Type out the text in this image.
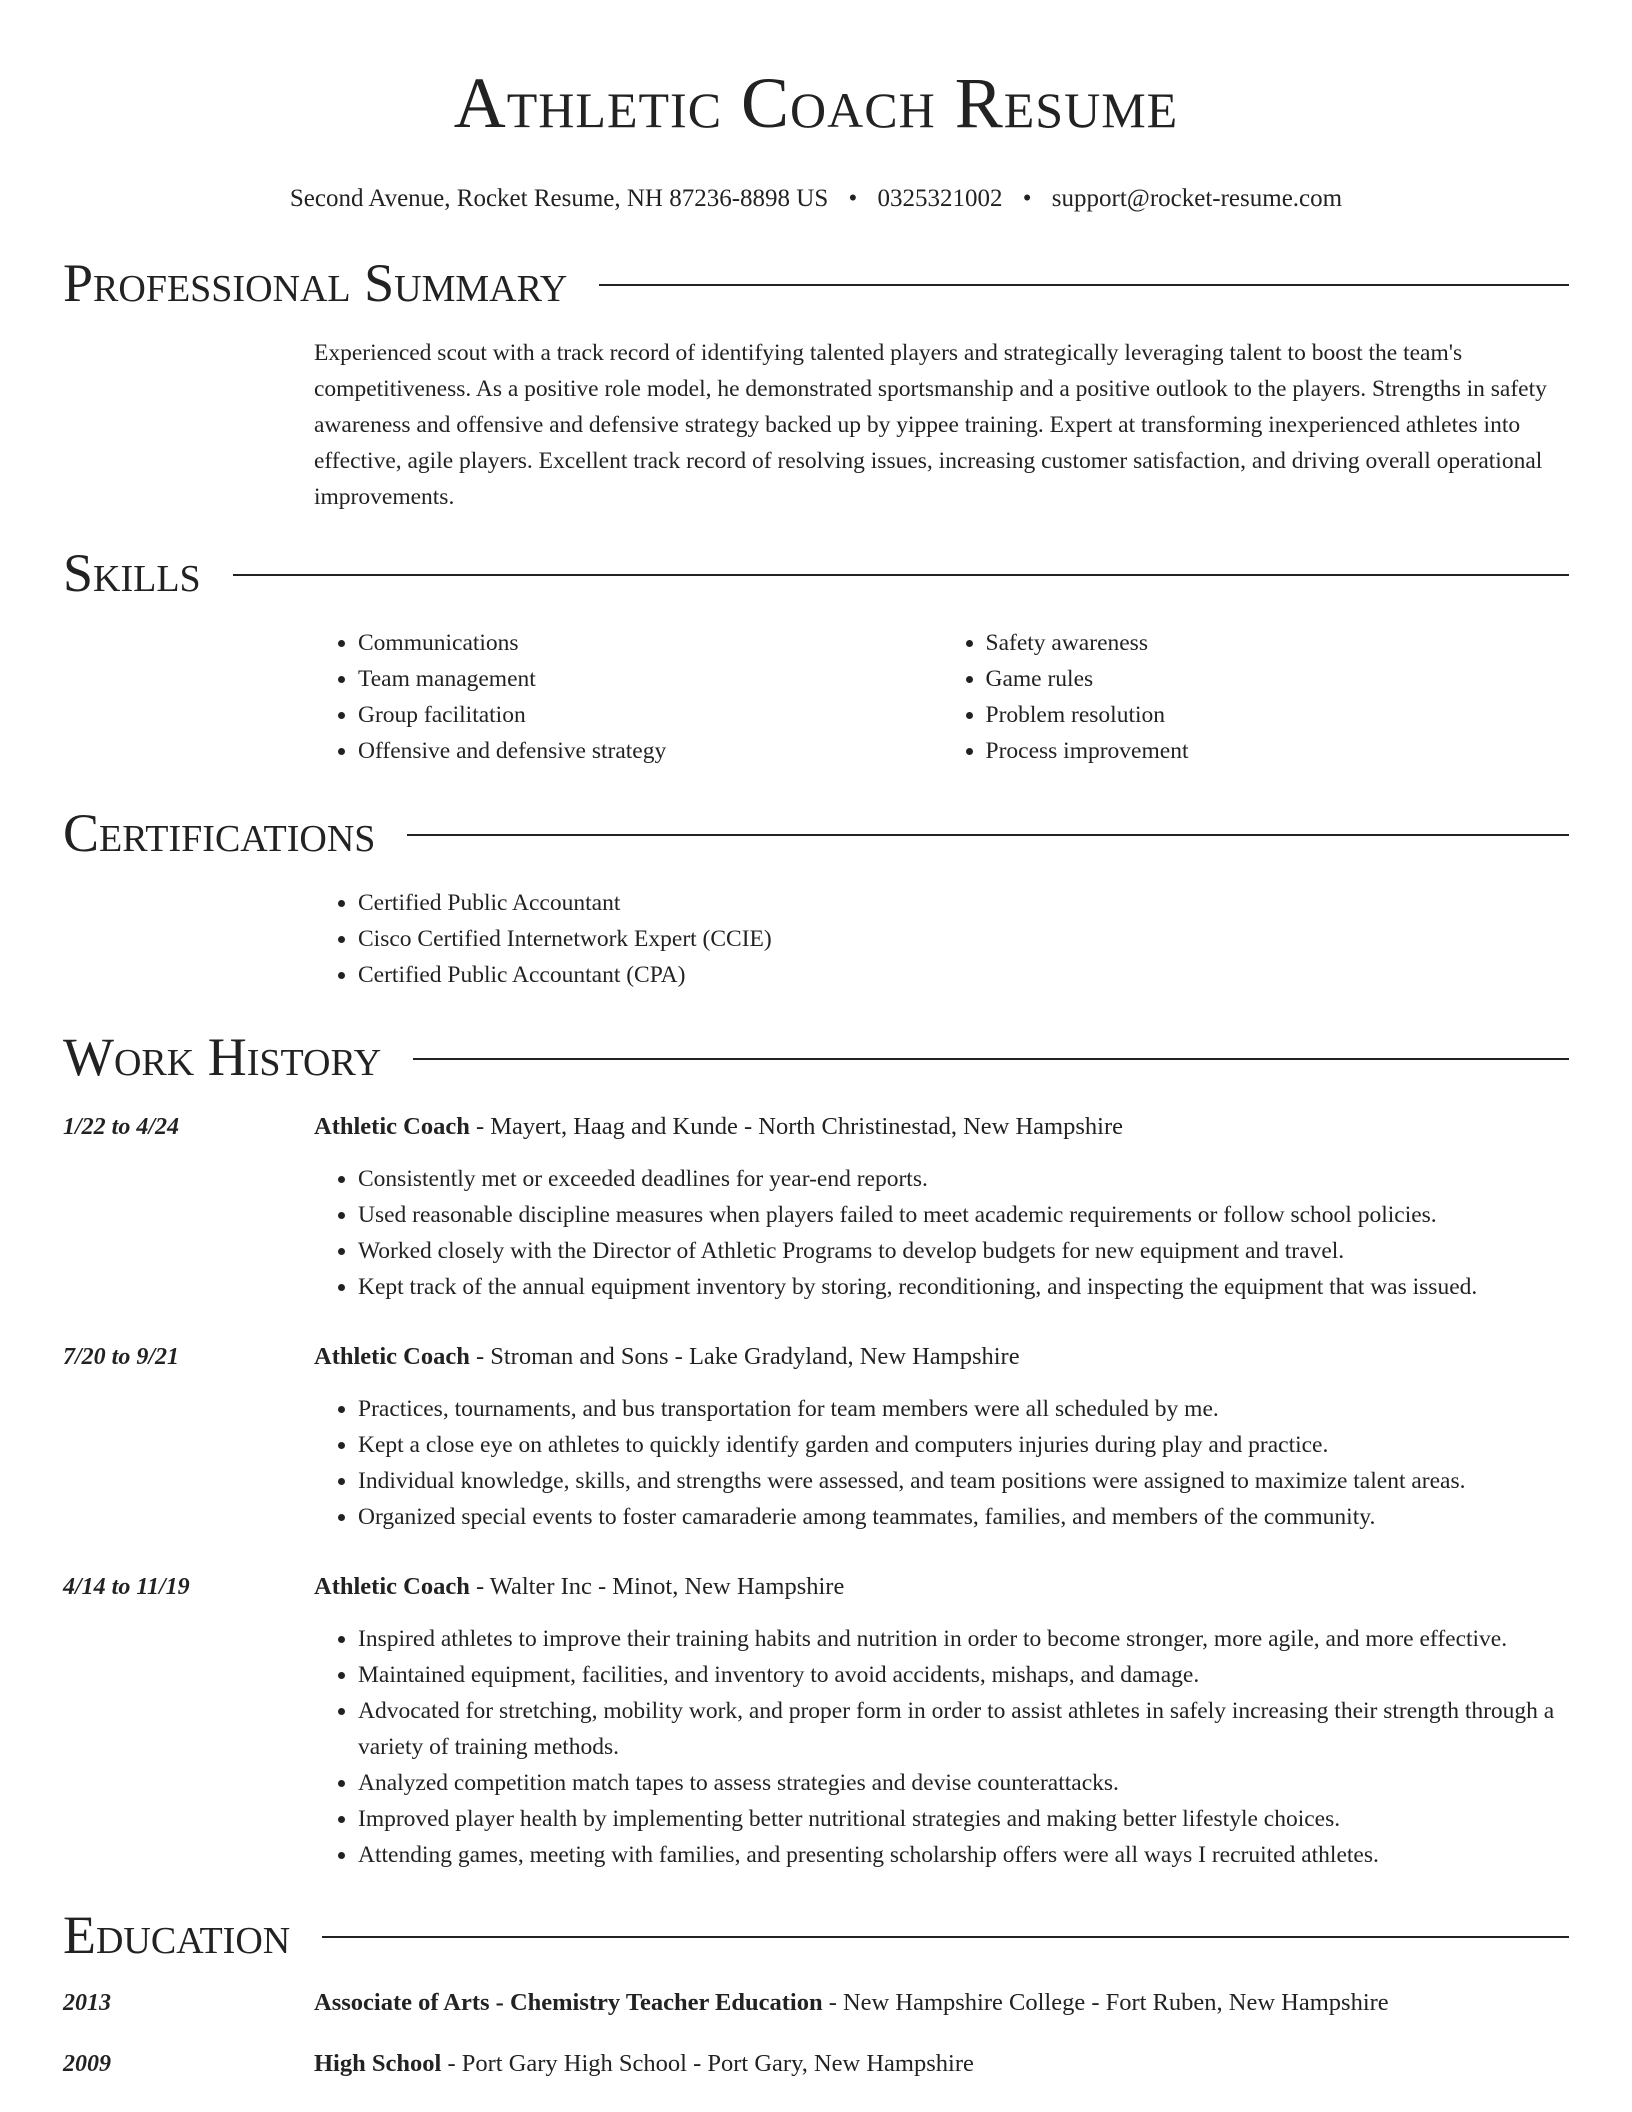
Athletic Coach Resume
Second Avenue, Rocket Resume, NH 87236-8898 US • 0325321002 • support@rocket-resume.com
Professional Summary
Experienced scout with a track record of identifying talented players and strategically leveraging talent to boost the team's competitiveness. As a positive role model, he demonstrated sportsmanship and a positive outlook to the players. Strengths in safety awareness and offensive and defensive strategy backed up by yippee training. Expert at transforming inexperienced athletes into effective, agile players. Excellent track record of resolving issues, increasing customer satisfaction, and driving overall operational improvements.
Skills
• Communications
• Team management
• Group facilitation
• Offensive and defensive strategy
• Safety awareness
• Game rules
• Problem resolution
• Process improvement
Certifications
• Certified Public Accountant
• Cisco Certified Internetwork Expert (CCIE)
• Certified Public Accountant (CPA)
Work History
1/22 to 4/24	Athletic Coach - Mayert, Haag and Kunde - North Christinestad, New Hampshire
• Consistently met or exceeded deadlines for year-end reports.
• Used reasonable discipline measures when players failed to meet academic requirements or follow school policies.
• Worked closely with the Director of Athletic Programs to develop budgets for new equipment and travel.
• Kept track of the annual equipment inventory by storing, reconditioning, and inspecting the equipment that was issued.
7/20 to 9/21	Athletic Coach - Stroman and Sons - Lake Gradyland, New Hampshire
• Practices, tournaments, and bus transportation for team members were all scheduled by me.
• Kept a close eye on athletes to quickly identify garden and computers injuries during play and practice.
• Individual knowledge, skills, and strengths were assessed, and team positions were assigned to maximize talent areas.
• Organized special events to foster camaraderie among teammates, families, and members of the community.
4/14 to 11/19	Athletic Coach - Walter Inc - Minot, New Hampshire
• Inspired athletes to improve their training habits and nutrition in order to become stronger, more agile, and more effective.
• Maintained equipment, facilities, and inventory to avoid accidents, mishaps, and damage.
• Advocated for stretching, mobility work, and proper form in order to assist athletes in safely increasing their strength through a variety of training methods.
• Analyzed competition match tapes to assess strategies and devise counterattacks.
• Improved player health by implementing better nutritional strategies and making better lifestyle choices.
• Attending games, meeting with families, and presenting scholarship offers were all ways I recruited athletes.
Education
2013	Associate of Arts - Chemistry Teacher Education - New Hampshire College - Fort Ruben, New Hampshire
2009	High School - Port Gary High School - Port Gary, New Hampshire
